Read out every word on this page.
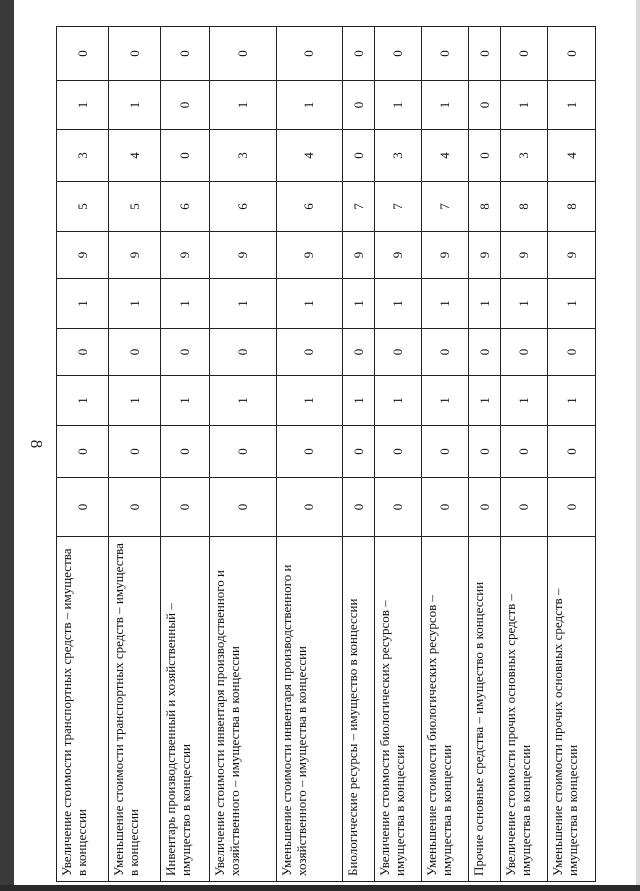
8
Увеличение стоимости транспортных средств – имущества в концессии	0	0	1	0	1	9	5	3	1	0
Уменьшение стоимости транспортных средств – имущества в концессии	0	0	1	0	1	9	5	4	1	0
Инвентарь производственный и хозяйственный – имущество в концессии	0	0	1	0	1	9	6	0	0	0
Увеличение стоимости инвентаря производственного и хозяйственного – имущества в концессии	0	0	1	0	1	9	6	3	1	0
Уменьшение стоимости инвентаря производственного и хозяйственного – имущества в концессии	0	0	1	0	1	9	6	4	1	0
Биологические ресурсы – имущество в концессии	0	0	1	0	1	9	7	0	0	0
Увеличение стоимости биологических ресурсов – имущества в концессии	0	0	1	0	1	9	7	3	1	0
Уменьшение стоимости биологических ресурсов – имущества в концессии	0	0	1	0	1	9	7	4	1	0
Прочие основные средства – имущество в концессии	0	0	1	0	1	9	8	0	0	0
Увеличение стоимости прочих основных средств – имущества в концессии	0	0	1	0	1	9	8	3	1	0
Уменьшение стоимости прочих основных средств – имущества в концессии	0	0	1	0	1	9	8	4	1	0
